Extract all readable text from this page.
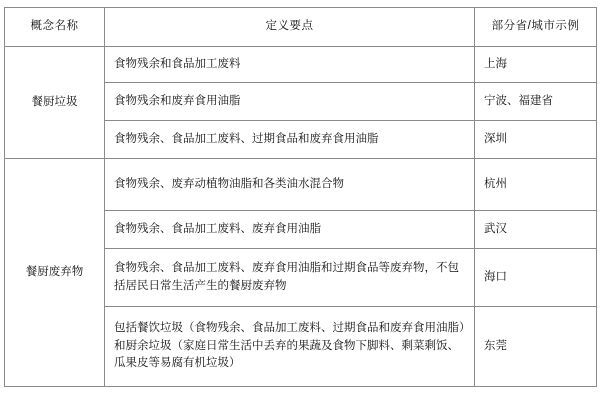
概念名称	定义要点	部分省/城市示例
餐厨垃圾	食物残余和食品加工废料	上海
	食物残余和废弃食用油脂	宁波、福建省
	食物残余、食品加工废料、过期食品和废弃食用油脂	深圳
餐厨废弃物	食物残余、废弃动植物油脂和各类油水混合物	杭州
	食物残余、食品加工废料、废弃食用油脂	武汉
	食物残余、食品加工废料、废弃食用油脂和过期食品等废弃物，不包括居民日常生活产生的餐厨废弃物	海口
	包括餐饮垃圾（食物残余、食品加工废料、过期食品和废弃食用油脂）和厨余垃圾（家庭日常生活中丢弃的果蔬及食物下脚料、剩菜剩饭、瓜果皮等易腐有机垃圾）	东莞
